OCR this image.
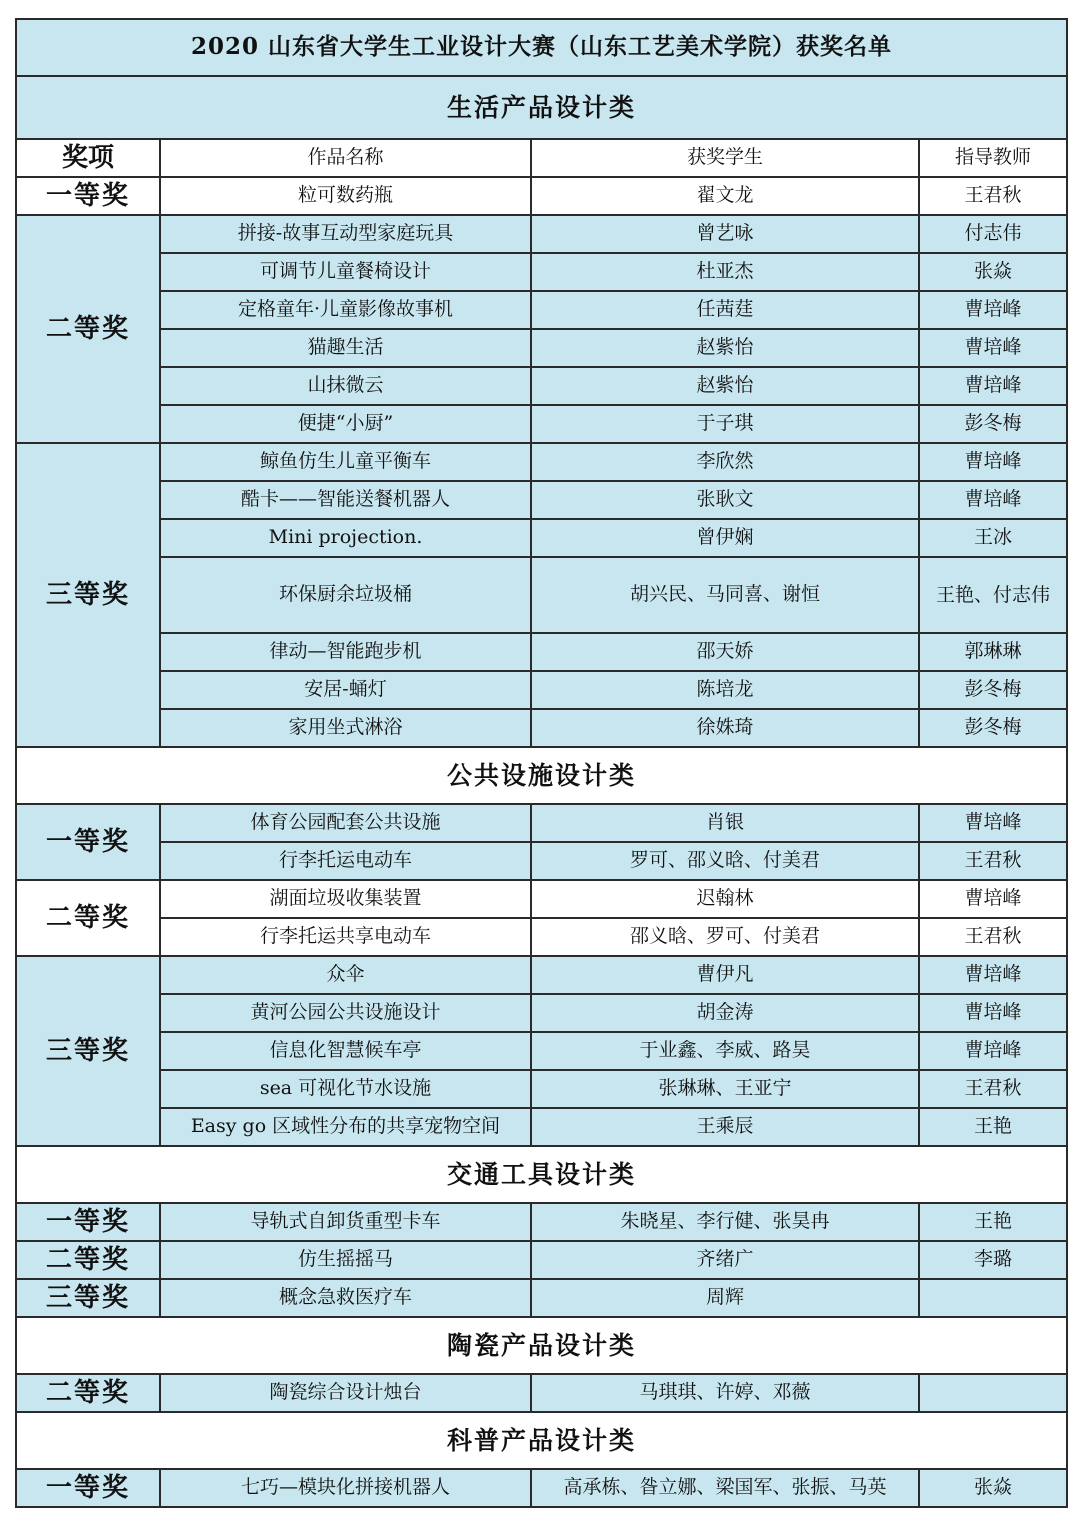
2020 山东省大学生工业设计大赛（山东工艺美术学院）获奖名单			
生活产品设计类			
奖项	作品名称	获奖学生	指导教师
一等奖	粒可数药瓶	翟文龙	王君秋
二等奖	拼接-故事互动型家庭玩具	曾艺咏	付志伟
	可调节儿童餐椅设计	杜亚杰	张焱
	定格童年·儿童影像故事机	任茜莛	曹培峰
	猫趣生活	赵紫怡	曹培峰
	山抹微云	赵紫怡	曹培峰
	便捷“小厨”	于子琪	彭冬梅
三等奖	鲸鱼仿生儿童平衡车	李欣然	曹培峰
	酷卡——智能送餐机器人	张耿文	曹培峰
	Mini projection.	曾伊娴	王冰
	环保厨余垃圾桶	胡兴民、马同喜、谢恒	王艳、付志伟
	律动—智能跑步机	邵天娇	郭琳琳
	安居-蛹灯	陈培龙	彭冬梅
	家用坐式淋浴	徐姝琦	彭冬梅
公共设施设计类			
一等奖	体育公园配套公共设施	肖银	曹培峰
	行李托运电动车	罗可、邵义晗、付美君	王君秋
二等奖	湖面垃圾收集装置	迟翰林	曹培峰
	行李托运共享电动车	邵义晗、罗可、付美君	王君秋
三等奖	众伞	曹伊凡	曹培峰
	黄河公园公共设施设计	胡金涛	曹培峰
	信息化智慧候车亭	于业鑫、李威、路昊	曹培峰
	sea 可视化节水设施	张琳琳、王亚宁	王君秋
	Easy go 区域性分布的共享宠物空间	王乘辰	王艳
交通工具设计类			
一等奖	导轨式自卸货重型卡车	朱晓星、李行健、张昊冉	王艳
二等奖	仿生摇摇马	齐绪广	李璐
三等奖	概念急救医疗车	周辉	
陶瓷产品设计类			
二等奖	陶瓷综合设计烛台	马琪琪、许婷、邓薇	
科普产品设计类			
一等奖	七巧—模块化拼接机器人	高承栋、昝立娜、梁国军、张振、马英	张焱
